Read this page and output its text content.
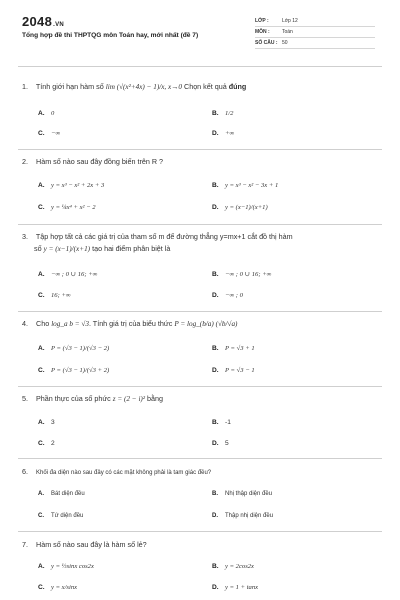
2048.VN
Tổng hợp đề thi THPTQG môn Toán hay, mới nhất (đề 7)
LỚP :	Lớp 12
MÔN :	Toán
SỐ CÂU : 50
1. Tính giới hạn hàm số lim (√(x²+4x) − 1)/x, x→0 Chọn kết quả đúng
A. 0	B. 1/2
C. −∞	D. +∞
2. Hàm số nào sau đây đồng biến trên R ?
A. y = x³ − x² + 2x + 3	B. y = x³ − x² − 3x + 1
C. y = ¼x⁴ + x² − 2	D. y = (x−1)/(x+1)
3. Tập hợp tất cả các giá trị của tham số m để đường thẳng y=mx+1 cắt đồ thị hàm
số y = (x−1)/(x+1) tạo hai điểm phân biệt là
A. −∞ ; 0 ∪ 16; +∞	B. −∞ ; 0 ∪ 16; +∞
C. 16; +∞	D. −∞ ; 0
4. Cho log_a b = √3. Tính giá trị của biểu thức P = log_(b/a) (√b/√a)
A. P = (√3 − 1)/(√3 − 2)	B. P = √3 + 1
C. P = (√3 − 1)/(√3 + 2)	D. P = √3 − 1
5. Phần thực của số phức z = (2 − i)² bằng
A. 3	B. -1
C. 2	D. 5
6. Khối đa diện nào sau đây có các mặt không phải là tam giác đều?
A. Bát diện đều	B. Nhị thập diện đều
C. Tứ diện đều	D. Thập nhị diện đều
7. Hàm số nào sau đây là hàm số lẻ?
A. y = ½sinx cos2x	B. y = 2cos2x
C. y = x/sinx	D. y = 1 + tanx
